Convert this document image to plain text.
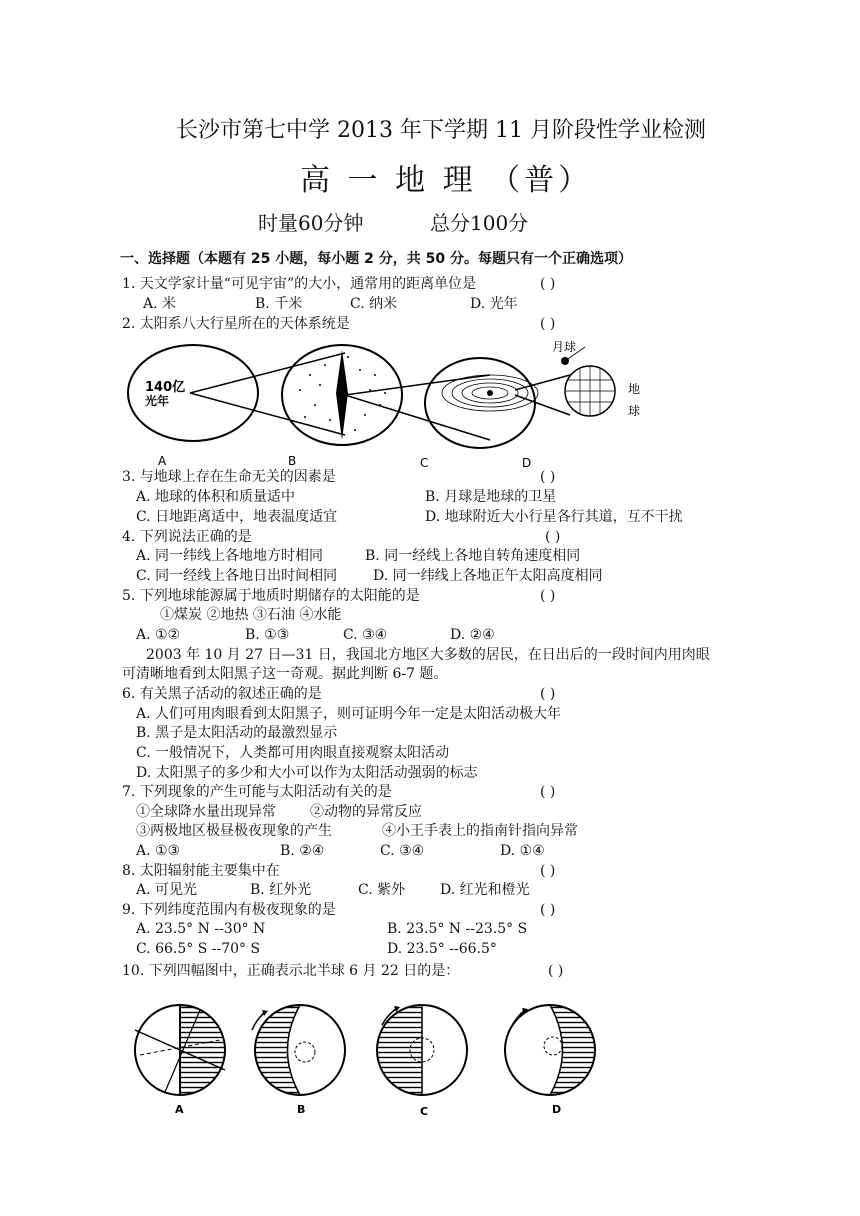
长沙市第七中学 2013 年下学期 11 月阶段性学业检测
高 一 地 理 （普）
时量60分钟	总分100分
一、选择题（本题有 25 小题，每小题 2 分，共 50 分。每题只有一个正确选项）
1. 天文学家计量“可见宇宙”的大小，通常用的距离单位是	( )
A. 米	B. 千米	C. 纳米	D. 光年
2. 太阳系八大行星所在的天体系统是	( )
140亿
光年
月球
地
球
A	B	C	D
3. 与地球上存在生命无关的因素是	( )
A. 地球的体积和质量适中	B. 月球是地球的卫星
C. 日地距离适中，地表温度适宜	D. 地球附近大小行星各行其道，互不干扰
4. 下列说法正确的是	( )
A. 同一纬线上各地地方时相同	B. 同一经线上各地自转角速度相同
C. 同一经线上各地日出时间相同	D. 同一纬线上各地正午太阳高度相同
5. 下列地球能源属于地质时期储存的太阳能的是	( )
①煤炭 ②地热 ③石油 ④水能
A. ①②	B. ①③	C. ③④	D. ②④
2003 年 10 月 27 日—31 日，我国北方地区大多数的居民，在日出后的一段时间内用肉眼
可清晰地看到太阳黑子这一奇观。据此判断 6-7 题。
6. 有关黑子活动的叙述正确的是	( )
A. 人们可用肉眼看到太阳黑子，则可证明今年一定是太阳活动极大年
B. 黑子是太阳活动的最激烈显示
C. 一般情况下，人类都可用肉眼直接观察太阳活动
D. 太阳黑子的多少和大小可以作为太阳活动强弱的标志
7. 下列现象的产生可能与太阳活动有关的是	( )
①全球降水量出现异常 ②动物的异常反应
③两极地区极昼极夜现象的产生	④小王手表上的指南针指向异常
A. ①③	B. ②④	C. ③④	D. ①④
8. 太阳辐射能主要集中在	( )
A. 可见光	B. 红外光	C. 紫外 D. 红光和橙光
9. 下列纬度范围内有极夜现象的是	( )
A. 23.5° N --30° N	B. 23.5° N --23.5° S
C. 66.5° S --70° S	D. 23.5° --66.5°
10. 下列四幅图中，正确表示北半球 6 月 22 日的是：	( )
A	B	C	D
